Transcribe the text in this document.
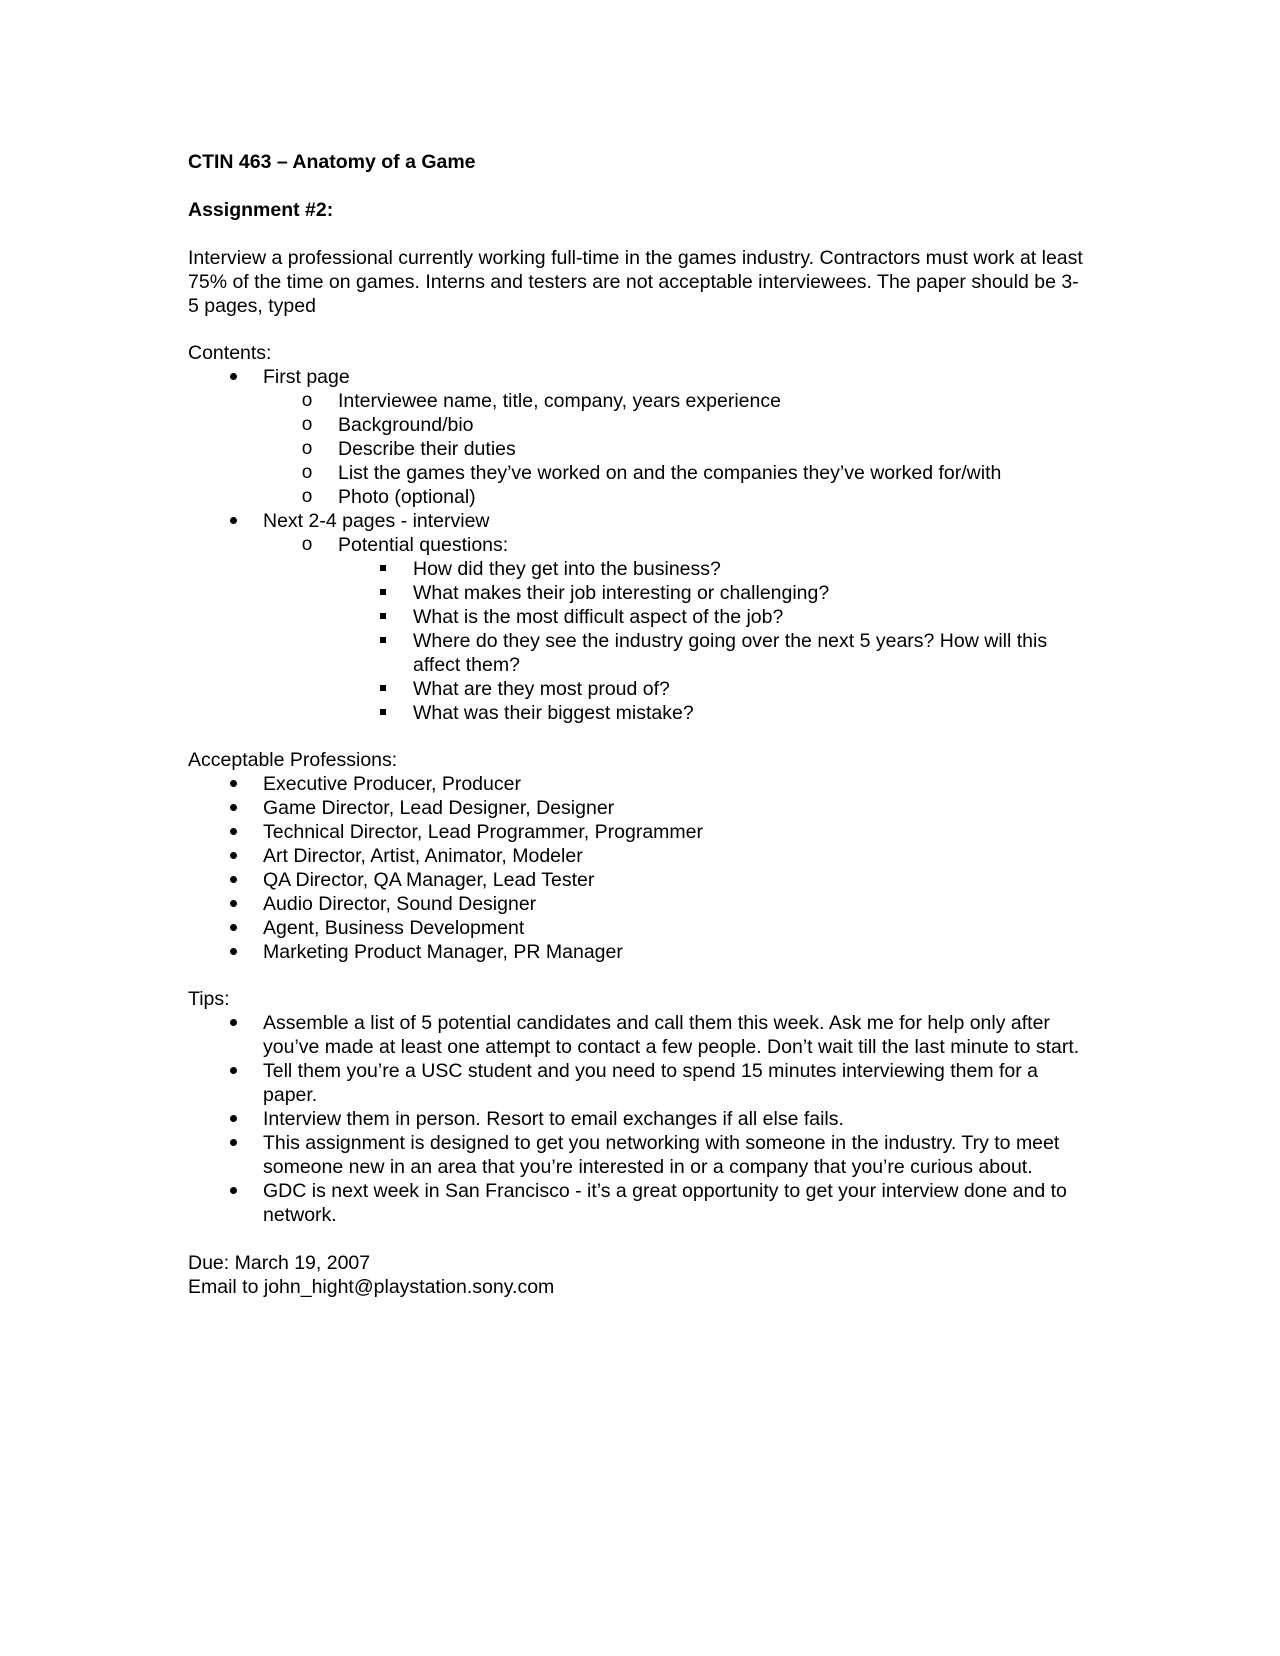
CTIN 463 – Anatomy of a Game

Assignment #2:

Interview a professional currently working full-time in the games industry. Contractors must work at least 75% of the time on games. Interns and testers are not acceptable interviewees. The paper should be 3-5 pages, typed

Contents:

First page
o Interviewee name, title, company, years experience
o Background/bio
o Describe their duties
o List the games they’ve worked on and the companies they’ve worked for/with
o Photo (optional)
Next 2-4 pages - interview
o Potential questions:
How did they get into the business?
What makes their job interesting or challenging?
What is the most difficult aspect of the job?
Where do they see the industry going over the next 5 years? How will this affect them?
What are they most proud of?
What was their biggest mistake?

Acceptable Professions:

Executive Producer, Producer
Game Director, Lead Designer, Designer
Technical Director, Lead Programmer, Programmer
Art Director, Artist, Animator, Modeler
QA Director, QA Manager, Lead Tester
Audio Director, Sound Designer
Agent, Business Development
Marketing Product Manager, PR Manager

Tips:

Assemble a list of 5 potential candidates and call them this week. Ask me for help only after you’ve made at least one attempt to contact a few people. Don’t wait till the last minute to start.
Tell them you’re a USC student and you need to spend 15 minutes interviewing them for a paper.
Interview them in person. Resort to email exchanges if all else fails.
This assignment is designed to get you networking with someone in the industry. Try to meet someone new in an area that you’re interested in or a company that you’re curious about.
GDC is next week in San Francisco - it’s a great opportunity to get your interview done and to network.

Due: March 19, 2007

Email to john_hight@playstation.sony.com
